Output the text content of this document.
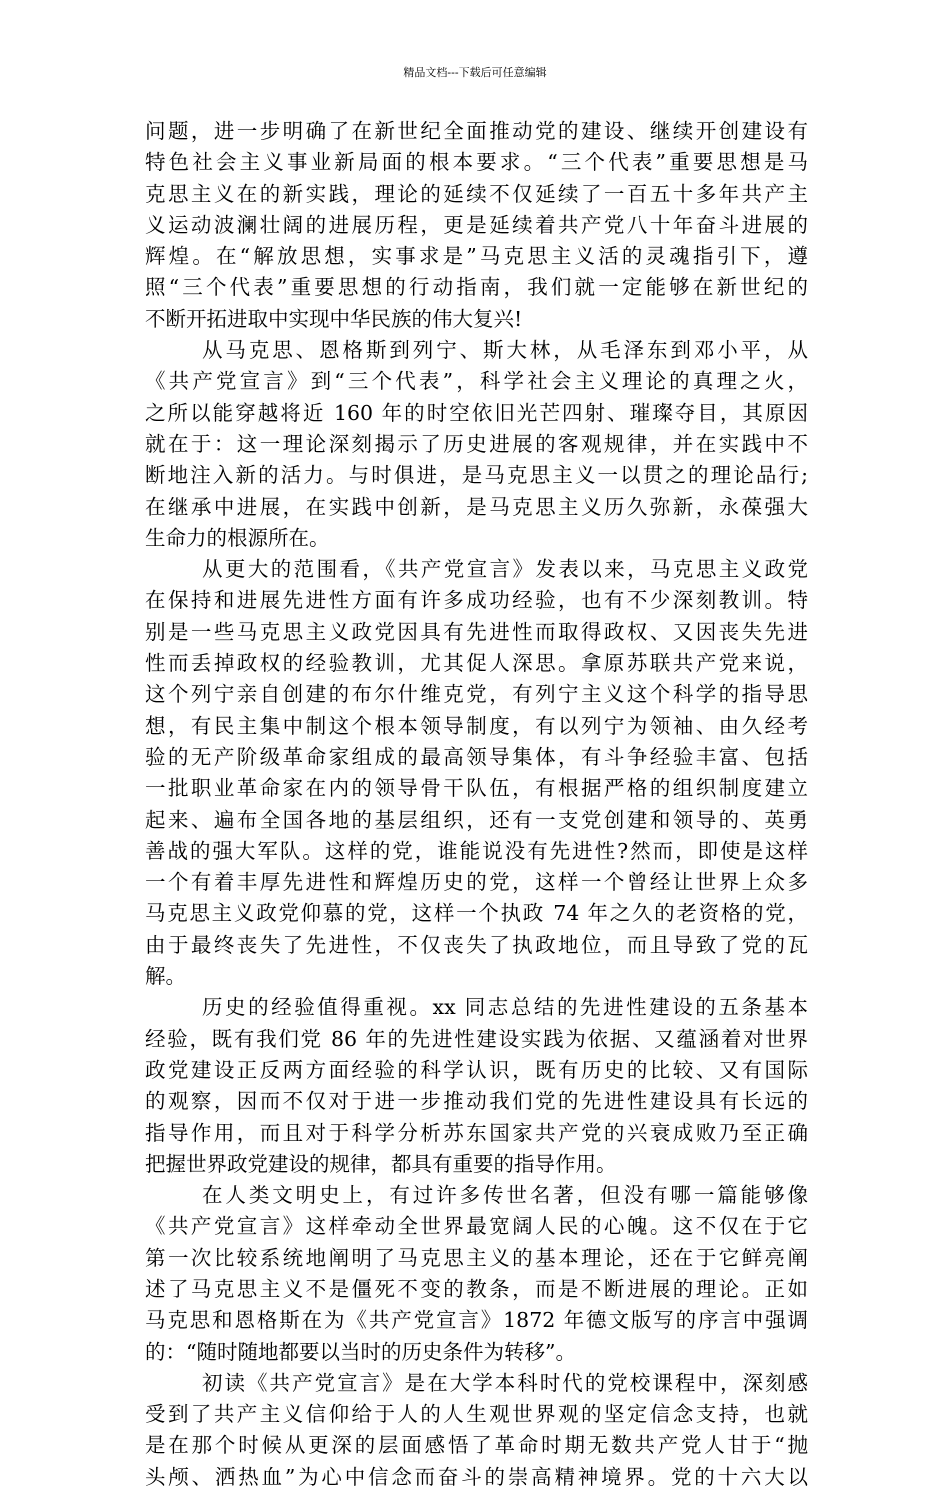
精品文档---下载后可任意编辑
问题，进一步明确了在新世纪全面推动党的建设、继续开创建设有
特色社会主义事业新局面的根本要求。“三个代表”重要思想是马
克思主义在的新实践，理论的延续不仅延续了一百五十多年共产主
义运动波澜壮阔的进展历程，更是延续着共产党八十年奋斗进展的
辉煌。在“解放思想，实事求是”马克思主义活的灵魂指引下，遵
照“三个代表”重要思想的行动指南，我们就一定能够在新世纪的
不断开拓进取中实现中华民族的伟大复兴!
从马克思、恩格斯到列宁、斯大林，从毛泽东到邓小平，从
《共产党宣言》到“三个代表”，科学社会主义理论的真理之火，
之所以能穿越将近 160 年的时空依旧光芒四射、璀璨夺目，其原因
就在于：这一理论深刻揭示了历史进展的客观规律，并在实践中不
断地注入新的活力。与时俱进，是马克思主义一以贯之的理论品行;
在继承中进展，在实践中创新，是马克思主义历久弥新，永葆强大
生命力的根源所在。
从更大的范围看，《共产党宣言》发表以来，马克思主义政党
在保持和进展先进性方面有许多成功经验，也有不少深刻教训。特
别是一些马克思主义政党因具有先进性而取得政权、又因丧失先进
性而丢掉政权的经验教训，尤其促人深思。拿原苏联共产党来说，
这个列宁亲自创建的布尔什维克党，有列宁主义这个科学的指导思
想，有民主集中制这个根本领导制度，有以列宁为领袖、由久经考
验的无产阶级革命家组成的最高领导集体，有斗争经验丰富、包括
一批职业革命家在内的领导骨干队伍，有根据严格的组织制度建立
起来、遍布全国各地的基层组织，还有一支党创建和领导的、英勇
善战的强大军队。这样的党，谁能说没有先进性?然而，即使是这样
一个有着丰厚先进性和辉煌历史的党，这样一个曾经让世界上众多
马克思主义政党仰慕的党，这样一个执政 74 年之久的老资格的党，
由于最终丧失了先进性，不仅丧失了执政地位，而且导致了党的瓦
解。
历史的经验值得重视。xx 同志总结的先进性建设的五条基本
经验，既有我们党 86 年的先进性建设实践为依据、又蕴涵着对世界
政党建设正反两方面经验的科学认识，既有历史的比较、又有国际
的观察，因而不仅对于进一步推动我们党的先进性建设具有长远的
指导作用，而且对于科学分析苏东国家共产党的兴衰成败乃至正确
把握世界政党建设的规律，都具有重要的指导作用。
在人类文明史上，有过许多传世名著，但没有哪一篇能够像
《共产党宣言》这样牵动全世界最宽阔人民的心魄。这不仅在于它
第一次比较系统地阐明了马克思主义的基本理论，还在于它鲜亮阐
述了马克思主义不是僵死不变的教条，而是不断进展的理论。正如
马克思和恩格斯在为《共产党宣言》1872 年德文版写的序言中强调
的：“随时随地都要以当时的历史条件为转移”。
初读《共产党宣言》是在大学本科时代的党校课程中，深刻感
受到了共产主义信仰给于人的人生观世界观的坚定信念支持，也就
是在那个时候从更深的层面感悟了革命时期无数共产党人甘于“抛
头颅、洒热血”为心中信念而奋斗的崇高精神境界。党的十六大以
